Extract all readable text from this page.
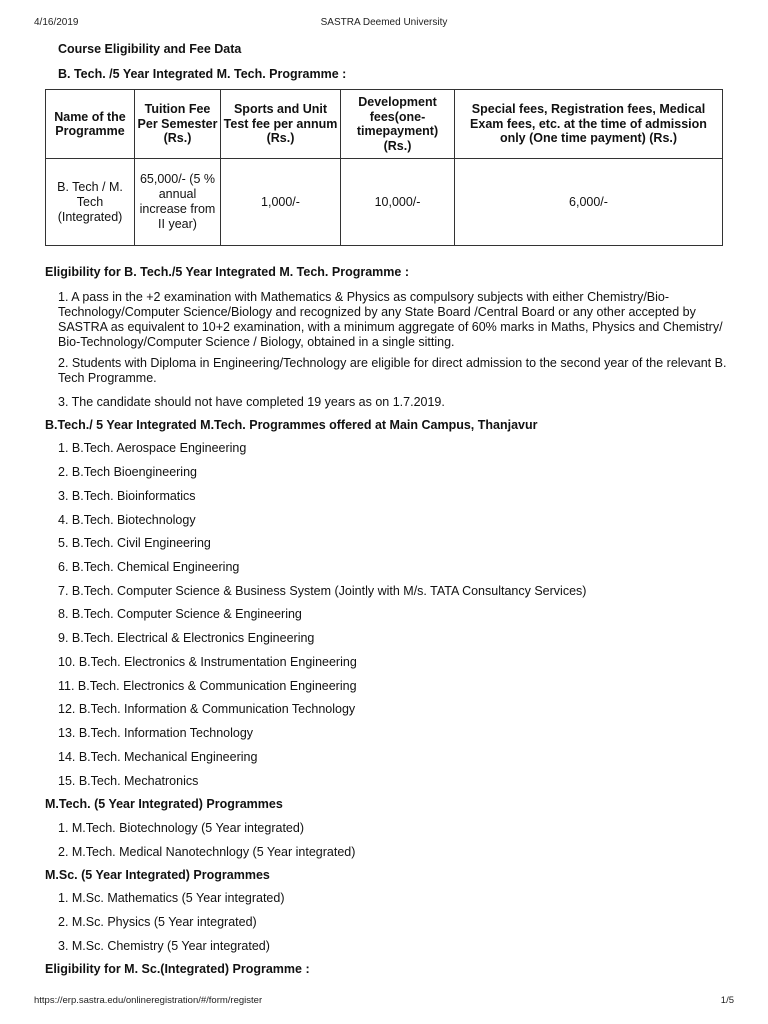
4/16/2019	SASTRA Deemed University
Course Eligibility and Fee Data
B. Tech. /5 Year Integrated M. Tech. Programme :
Name of the Programme	Tuition Fee Per Semester (Rs.)	Sports and Unit Test fee per annum (Rs.)	Development fees(one-timepayment) (Rs.)	Special fees, Registration fees, Medical Exam fees, etc. at the time of admission only (One time payment) (Rs.)
B. Tech / M. Tech (Integrated)	65,000/- (5 % annual increase from II year)	1,000/-	10,000/-	6,000/-
Eligibility for B. Tech./5 Year Integrated M. Tech. Programme :
1. A pass in the +2 examination with Mathematics & Physics as compulsory subjects with either Chemistry/Bio-Technology/Computer Science/Biology and recognized by any State Board /Central Board or any other accepted by SASTRA as equivalent to 10+2 examination, with a minimum aggregate of 60% marks in Maths, Physics and Chemistry/ Bio-Technology/Computer Science / Biology, obtained in a single sitting.
2. Students with Diploma in Engineering/Technology are eligible for direct admission to the second year of the relevant B. Tech Programme.
3. The candidate should not have completed 19 years as on 1.7.2019.
B.Tech./ 5 Year Integrated M.Tech. Programmes offered at Main Campus, Thanjavur
1. B.Tech. Aerospace Engineering
2. B.Tech Bioengineering
3. B.Tech. Bioinformatics
4. B.Tech. Biotechnology
5. B.Tech. Civil Engineering
6. B.Tech. Chemical Engineering
7. B.Tech. Computer Science & Business System (Jointly with M/s. TATA Consultancy Services)
8. B.Tech. Computer Science & Engineering
9. B.Tech. Electrical & Electronics Engineering
10. B.Tech. Electronics & Instrumentation Engineering
11. B.Tech. Electronics & Communication Engineering
12. B.Tech. Information & Communication Technology
13. B.Tech. Information Technology
14. B.Tech. Mechanical Engineering
15. B.Tech. Mechatronics
M.Tech. (5 Year Integrated) Programmes
1. M.Tech. Biotechnology (5 Year integrated)
2. M.Tech. Medical Nanotechnlogy (5 Year integrated)
M.Sc. (5 Year Integrated) Programmes
1. M.Sc. Mathematics (5 Year integrated)
2. M.Sc. Physics (5 Year integrated)
3. M.Sc. Chemistry (5 Year integrated)
Eligibility for M. Sc.(Integrated) Programme :
https://erp.sastra.edu/onlineregistration/#/form/register	1/5
